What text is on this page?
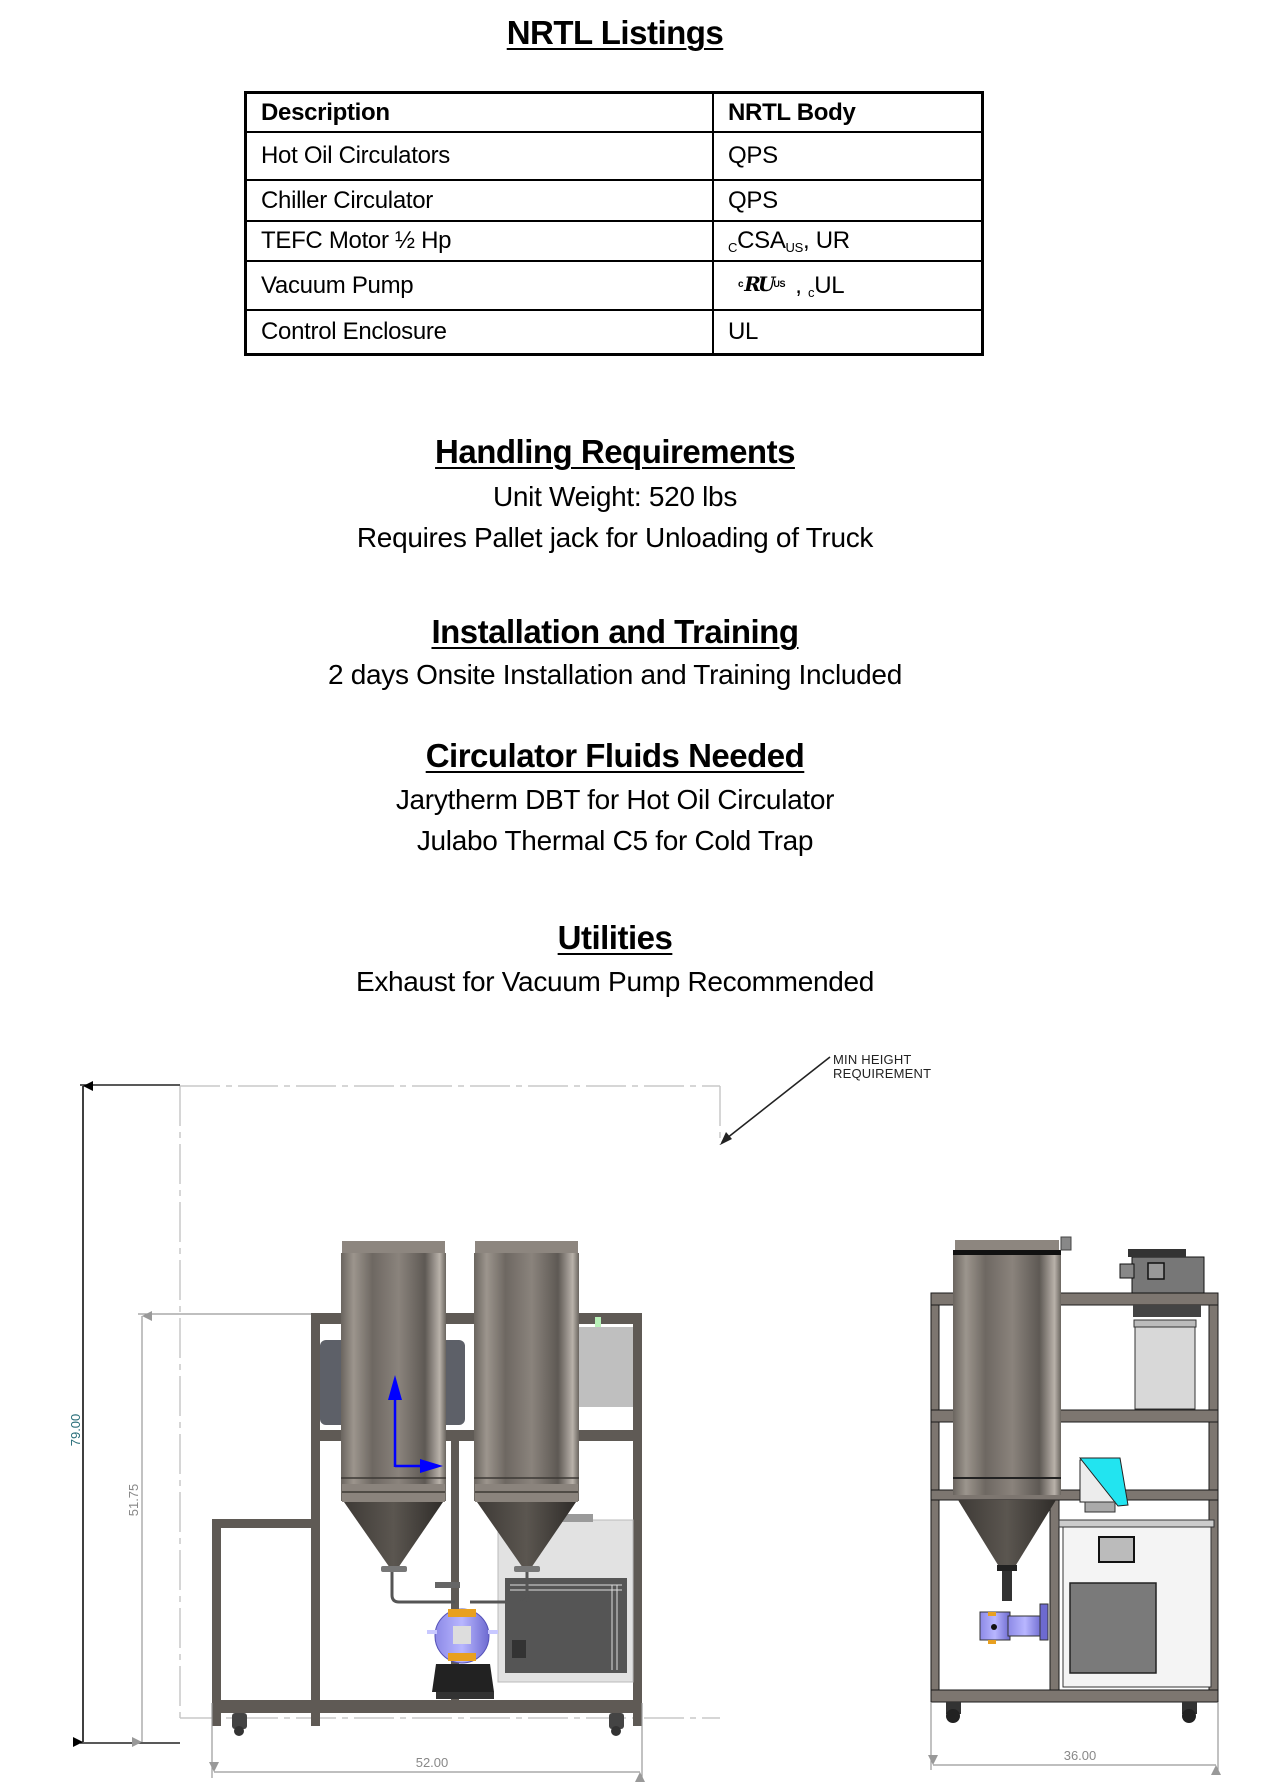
NRTL Listings
Description	NRTL Body
Hot Oil Circulators	QPS
Chiller Circulator	QPS
TEFC Motor ½ Hp	$_CCSA_{US}$, UR
Vacuum Pump	c RU US , $_c$UL
Control Enclosure	UL
Handling Requirements
Unit Weight: 520 lbs
Requires Pallet jack for Unloading of Truck
Installation and Training
2 days Onsite Installation and Training Included
Circulator Fluids Needed
Jarytherm DBT for Hot Oil Circulator
Julabo Thermal C5 for Cold Trap
Utilities
Exhaust for Vacuum Pump Recommended
MIN HEIGHT
REQUIREMENT
79.00
51.75
52.00	36.00
